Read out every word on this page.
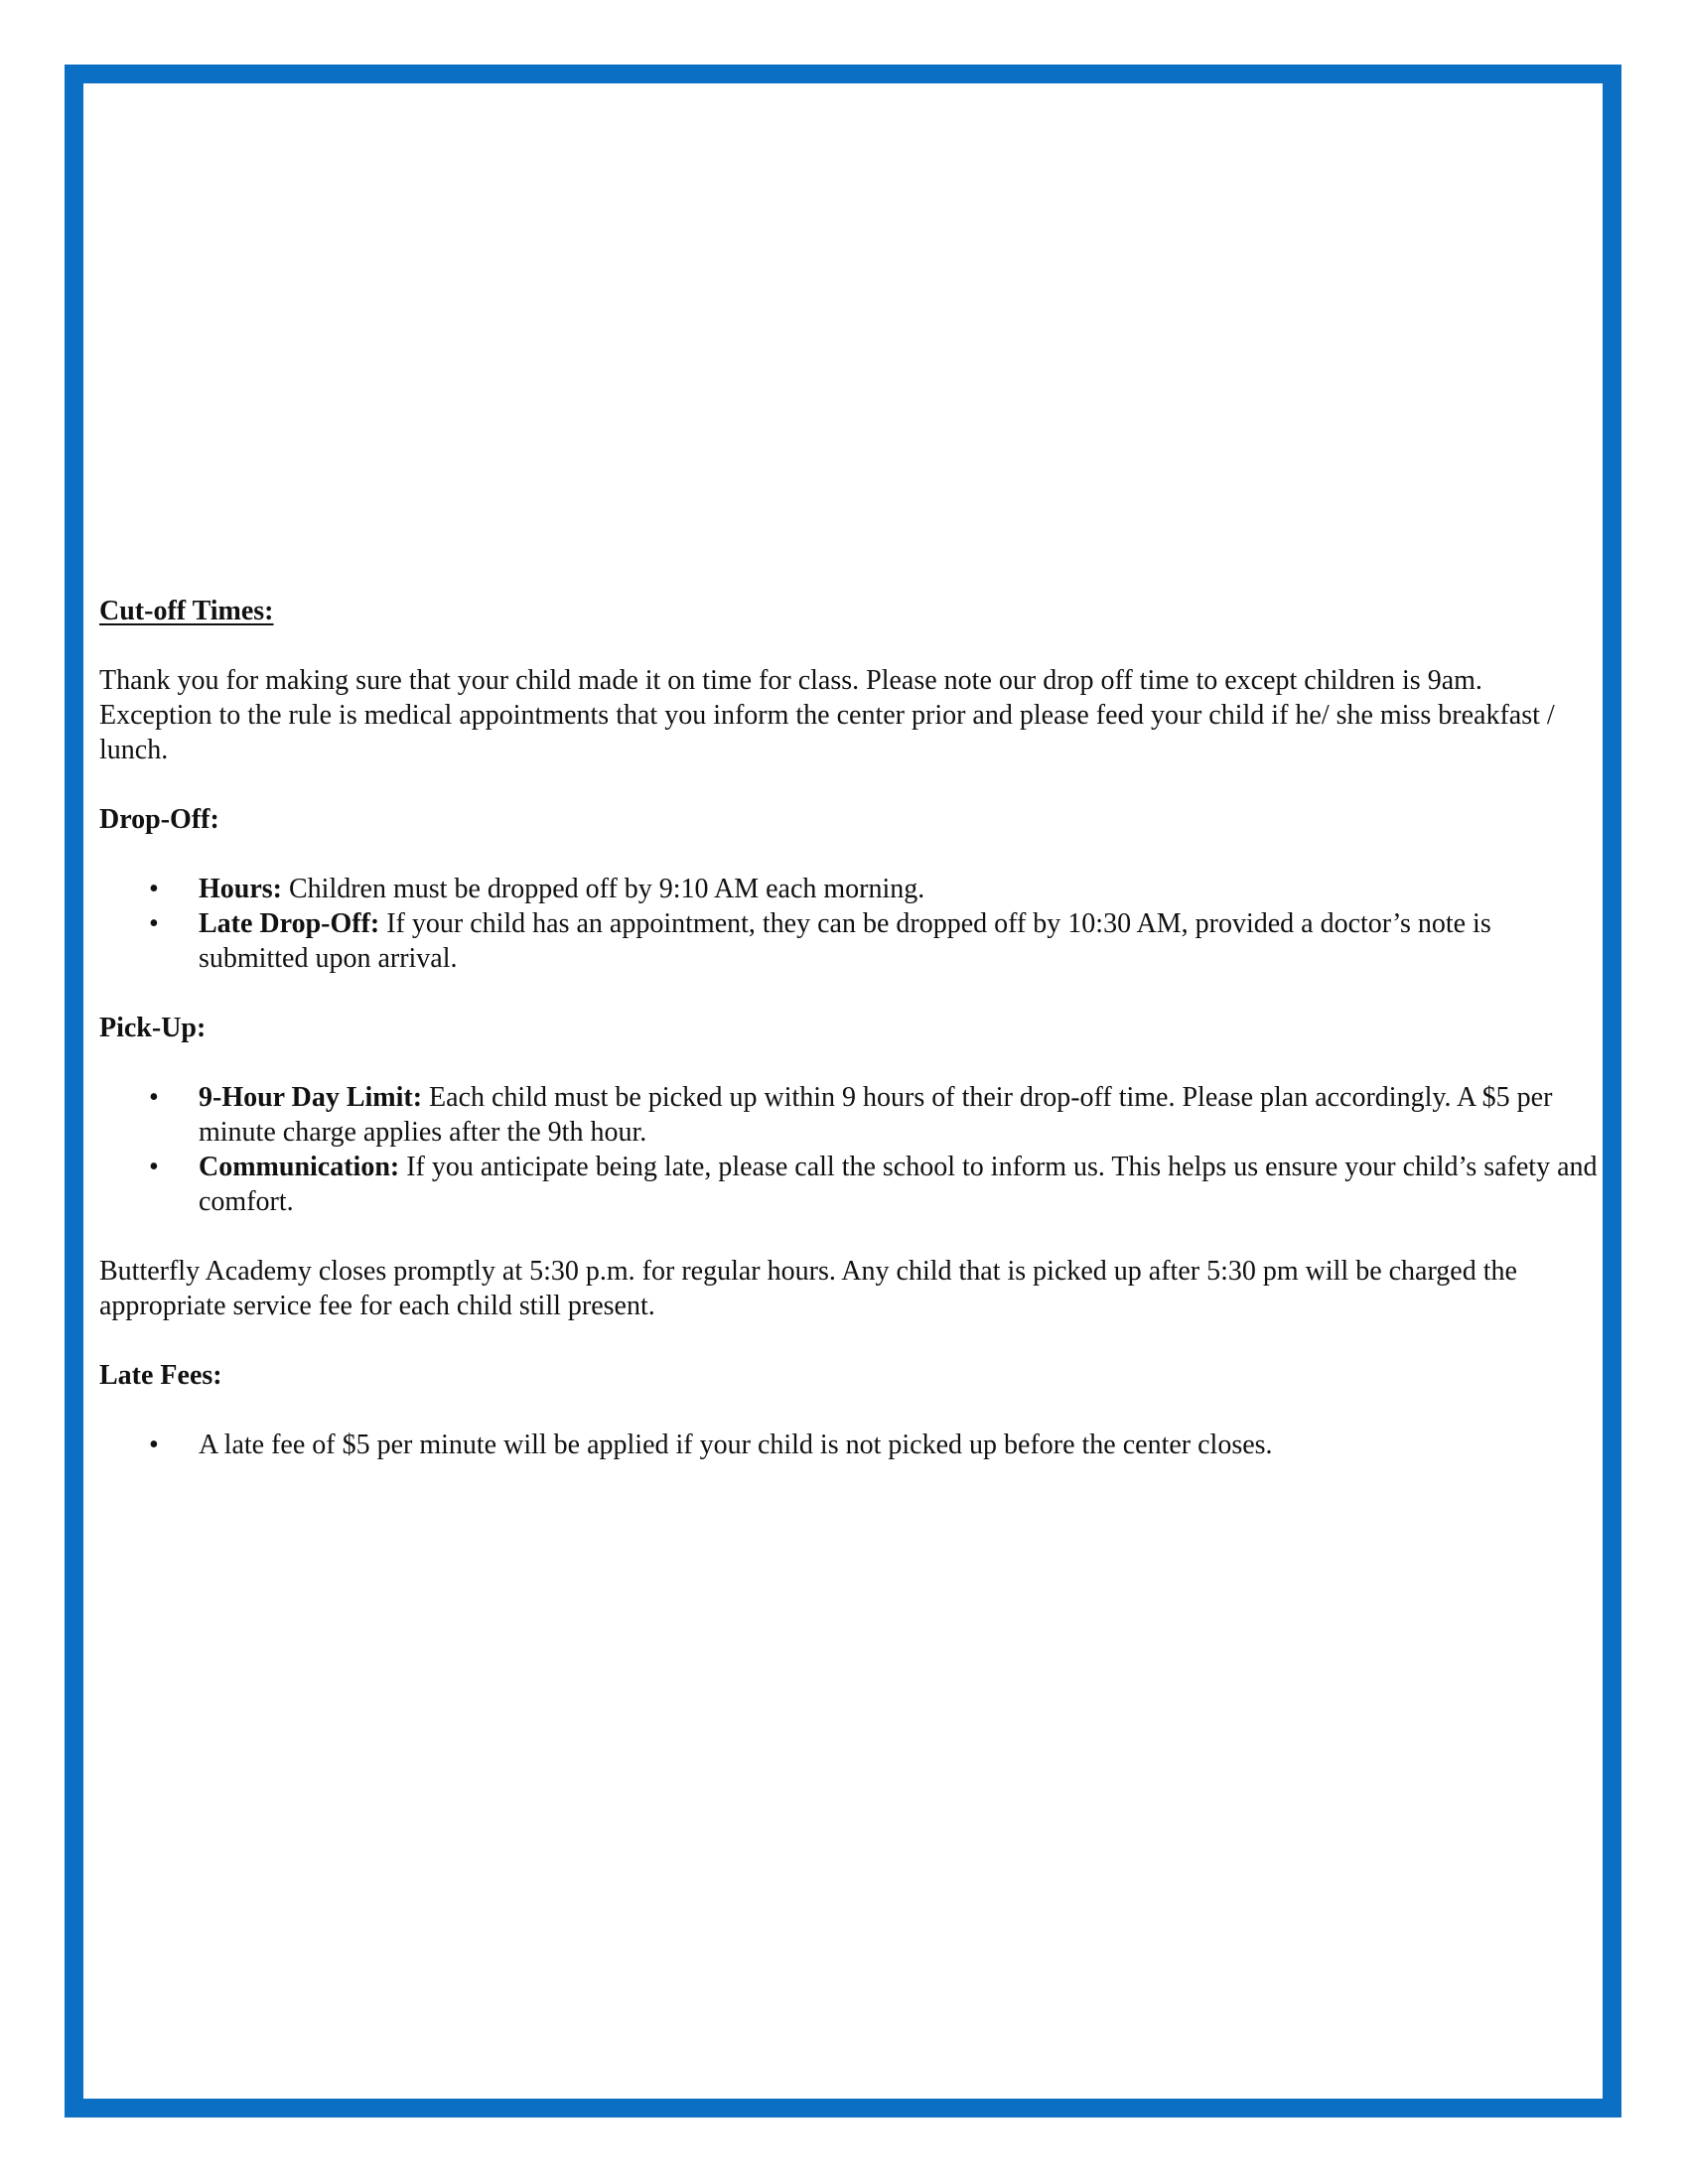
Cut-off Times:

Thank you for making sure that your child made it on time for class. Please note our drop off time to except children is 9am. Exception to the rule is medical appointments that you inform the center prior and please feed your child if he/ she miss breakfast / lunch.

Drop-Off:

• Hours: Children must be dropped off by 9:10 AM each morning.
• Late Drop-Off: If your child has an appointment, they can be dropped off by 10:30 AM, provided a doctor’s note is submitted upon arrival.

Pick-Up:

• 9-Hour Day Limit: Each child must be picked up within 9 hours of their drop-off time. Please plan accordingly. A $5 per minute charge applies after the 9th hour.
• Communication: If you anticipate being late, please call the school to inform us. This helps us ensure your child’s safety and comfort.

Butterfly Academy closes promptly at 5:30 p.m. for regular hours. Any child that is picked up after 5:30 pm will be charged the appropriate service fee for each child still present.

Late Fees:

• A late fee of $5 per minute will be applied if your child is not picked up before the center closes.
